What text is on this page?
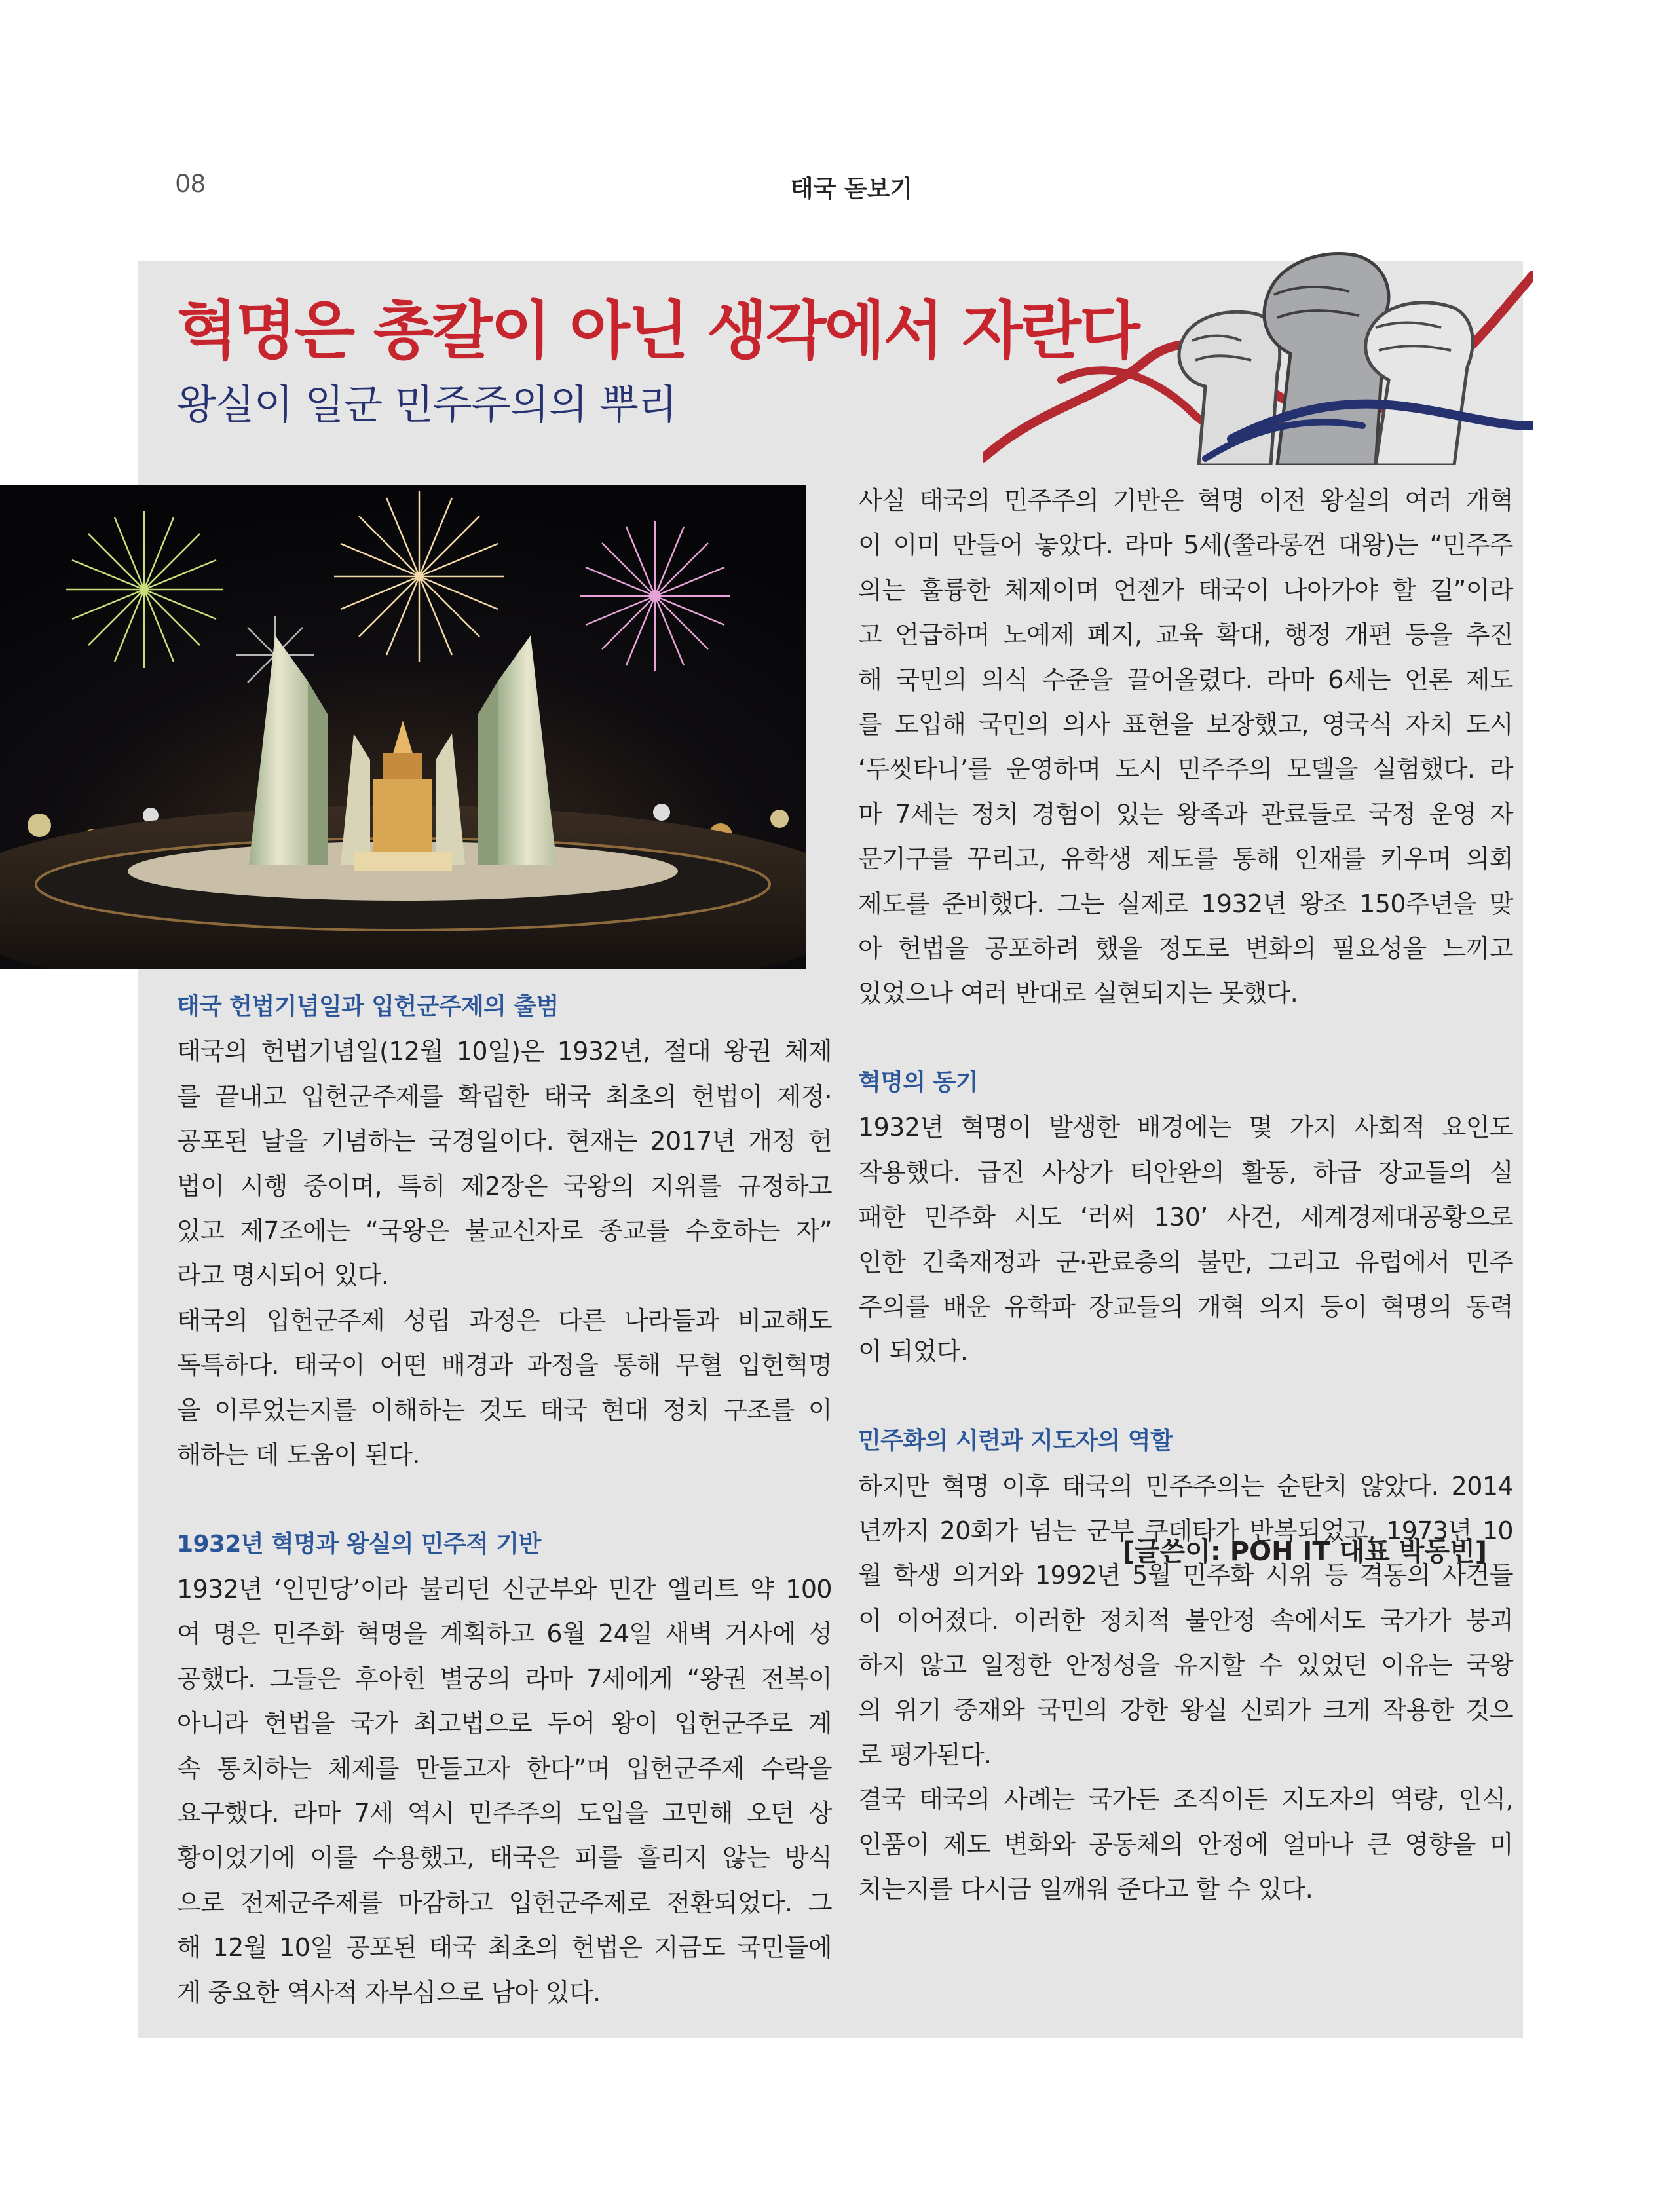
08	태국 돋보기
혁명은 총칼이 아닌 생각에서 자란다
왕실이 일군 민주주의의 뿌리
태국 헌법기념일과 입헌군주제의 출범
태국의 헌법기념일(12월 10일)은 1932년, 절대 왕권 체제
를 끝내고 입헌군주제를 확립한 태국 최초의 헌법이 제정·
공포된 날을 기념하는 국경일이다. 현재는 2017년 개정 헌
법이 시행 중이며, 특히 제2장은 국왕의 지위를 규정하고
있고 제7조에는 “국왕은 불교신자로 종교를 수호하는 자”
라고 명시되어 있다.
태국의 입헌군주제 성립 과정은 다른 나라들과 비교해도
독특하다. 태국이 어떤 배경과 과정을 통해 무혈 입헌혁명
을 이루었는지를 이해하는 것도 태국 현대 정치 구조를 이
해하는 데 도움이 된다.
1932년 혁명과 왕실의 민주적 기반
1932년 ‘인민당’이라 불리던 신군부와 민간 엘리트 약 100
여 명은 민주화 혁명을 계획하고 6월 24일 새벽 거사에 성
공했다. 그들은 후아힌 별궁의 라마 7세에게 “왕권 전복이
아니라 헌법을 국가 최고법으로 두어 왕이 입헌군주로 계
속 통치하는 체제를 만들고자 한다”며 입헌군주제 수락을
요구했다. 라마 7세 역시 민주주의 도입을 고민해 오던 상
황이었기에 이를 수용했고, 태국은 피를 흘리지 않는 방식
으로 전제군주제를 마감하고 입헌군주제로 전환되었다. 그
해 12월 10일 공포된 태국 최초의 헌법은 지금도 국민들에
게 중요한 역사적 자부심으로 남아 있다.
사실 태국의 민주주의 기반은 혁명 이전 왕실의 여러 개혁
이 이미 만들어 놓았다. 라마 5세(쭐라롱껀 대왕)는 “민주주
의는 훌륭한 체제이며 언젠가 태국이 나아가야 할 길”이라
고 언급하며 노예제 폐지, 교육 확대, 행정 개편 등을 추진
해 국민의 의식 수준을 끌어올렸다. 라마 6세는 언론 제도
를 도입해 국민의 의사 표현을 보장했고, 영국식 자치 도시
‘두씻타니’를 운영하며 도시 민주주의 모델을 실험했다. 라
마 7세는 정치 경험이 있는 왕족과 관료들로 국정 운영 자
문기구를 꾸리고, 유학생 제도를 통해 인재를 키우며 의회
제도를 준비했다. 그는 실제로 1932년 왕조 150주년을 맞
아 헌법을 공포하려 했을 정도로 변화의 필요성을 느끼고
있었으나 여러 반대로 실현되지는 못했다.
혁명의 동기
1932년 혁명이 발생한 배경에는 몇 가지 사회적 요인도
작용했다. 급진 사상가 티안완의 활동, 하급 장교들의 실
패한 민주화 시도 ‘러써 130’ 사건, 세계경제대공황으로
인한 긴축재정과 군·관료층의 불만, 그리고 유럽에서 민주
주의를 배운 유학파 장교들의 개혁 의지 등이 혁명의 동력
이 되었다.
민주화의 시련과 지도자의 역할
하지만 혁명 이후 태국의 민주주의는 순탄치 않았다. 2014
년까지 20회가 넘는 군부 쿠데타가 반복되었고, 1973년 10
월 학생 의거와 1992년 5월 민주화 시위 등 격동의 사건들
이 이어졌다. 이러한 정치적 불안정 속에서도 국가가 붕괴
하지 않고 일정한 안정성을 유지할 수 있었던 이유는 국왕
의 위기 중재와 국민의 강한 왕실 신뢰가 크게 작용한 것으
로 평가된다.
결국 태국의 사례는 국가든 조직이든 지도자의 역량, 인식,
인품이 제도 변화와 공동체의 안정에 얼마나 큰 영향을 미
치는지를 다시금 일깨워 준다고 할 수 있다.
[글쓴이: POH IT 대표 박동빈]
